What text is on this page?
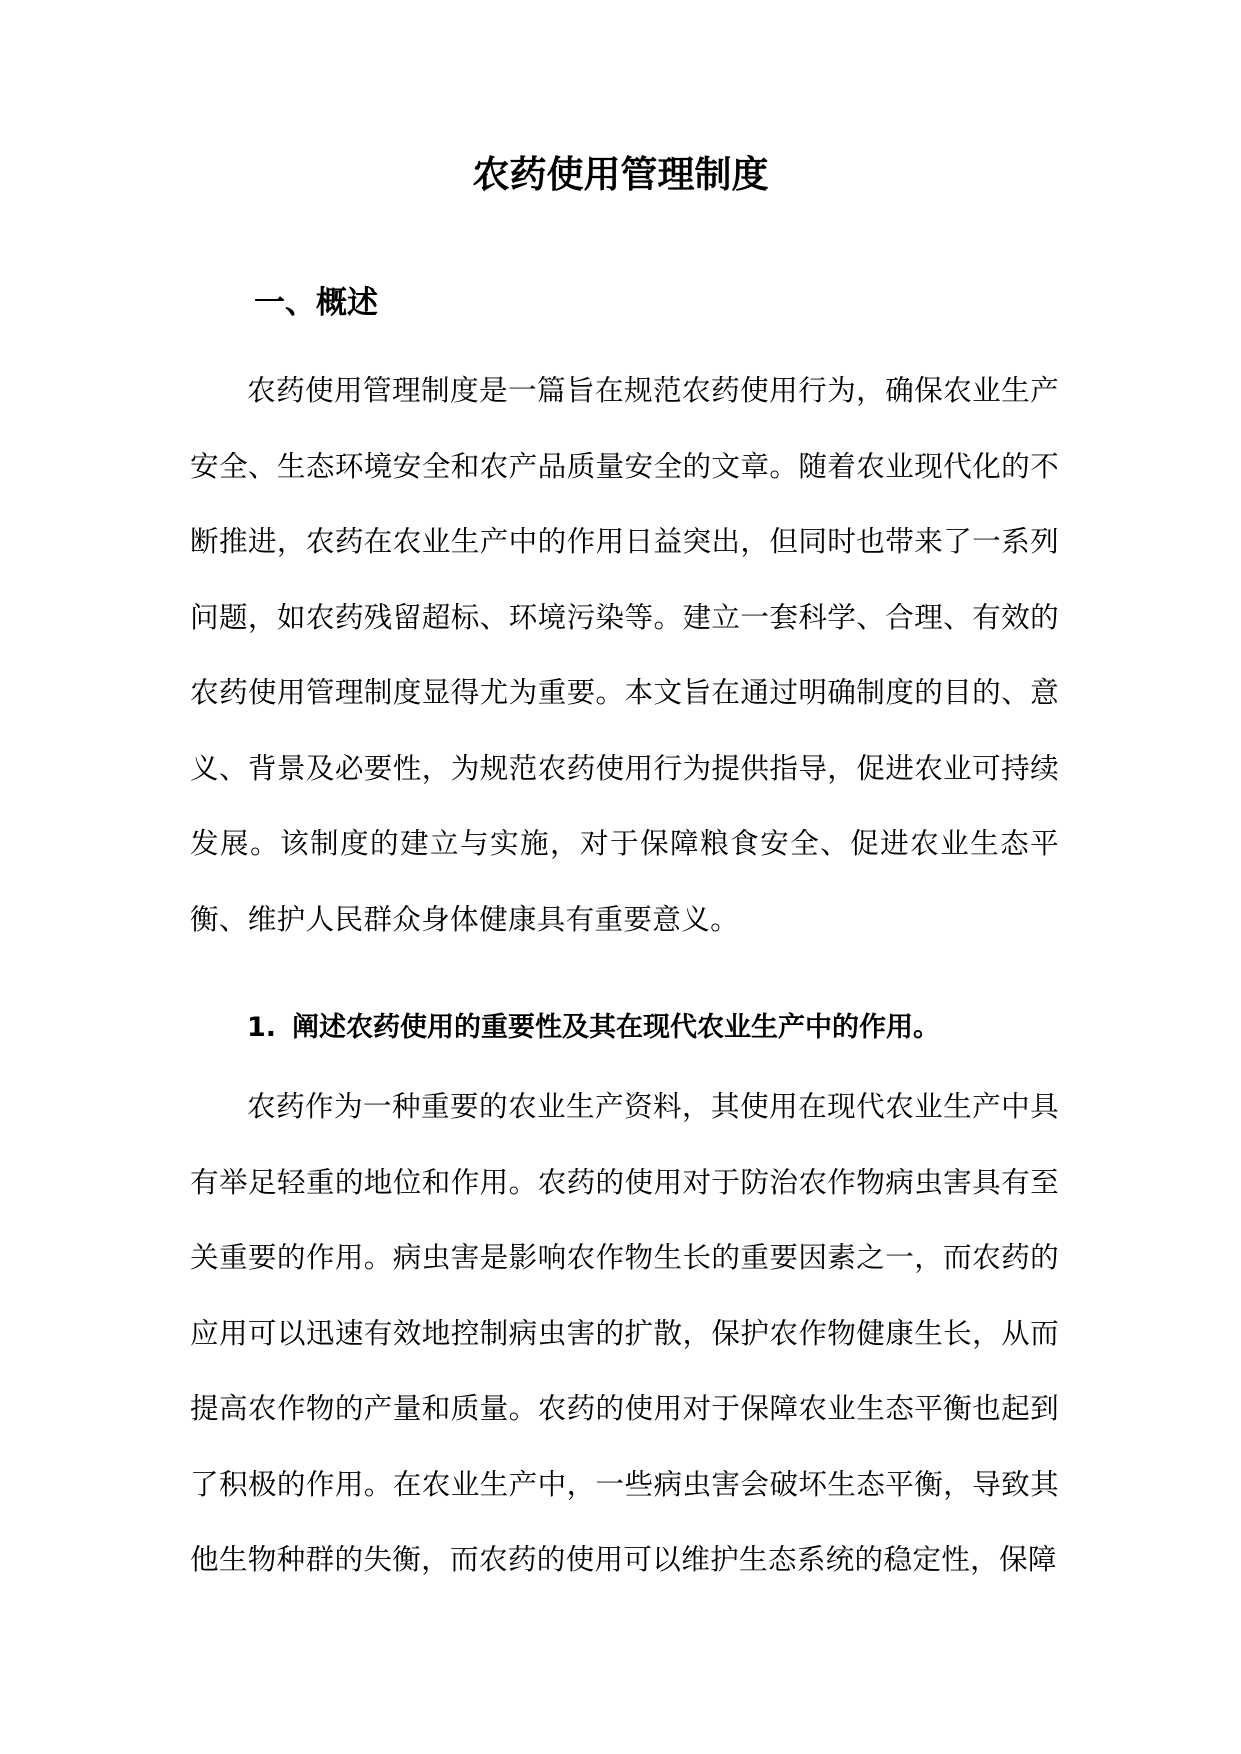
农药使用管理制度
一、概述

农药使用管理制度是一篇旨在规范农药使用行为，确保农业生产安全、生态环境安全和农产品质量安全的文章。随着农业现代化的不断推进，农药在农业生产中的作用日益突出，但同时也带来了一系列问题，如农药残留超标、环境污染等。建立一套科学、合理、有效的农药使用管理制度显得尤为重要。本文旨在通过明确制度的目的、意义、背景及必要性，为规范农药使用行为提供指导，促进农业可持续发展。该制度的建立与实施，对于保障粮食安全、促进农业生态平衡、维护人民群众身体健康具有重要意义。

1. 阐述农药使用的重要性及其在现代农业生产中的作用。

农药作为一种重要的农业生产资料，其使用在现代农业生产中具有举足轻重的地位和作用。农药的使用对于防治农作物病虫害具有至关重要的作用。病虫害是影响农作物生长的重要因素之一，而农药的应用可以迅速有效地控制病虫害的扩散，保护农作物健康生长，从而提高农作物的产量和质量。农药的使用对于保障农业生态平衡也起到了积极的作用。在农业生产中，一些病虫害会破坏生态平衡，导致其他生物种群的失衡，而农药的使用可以维护生态系统的稳定性，保障
